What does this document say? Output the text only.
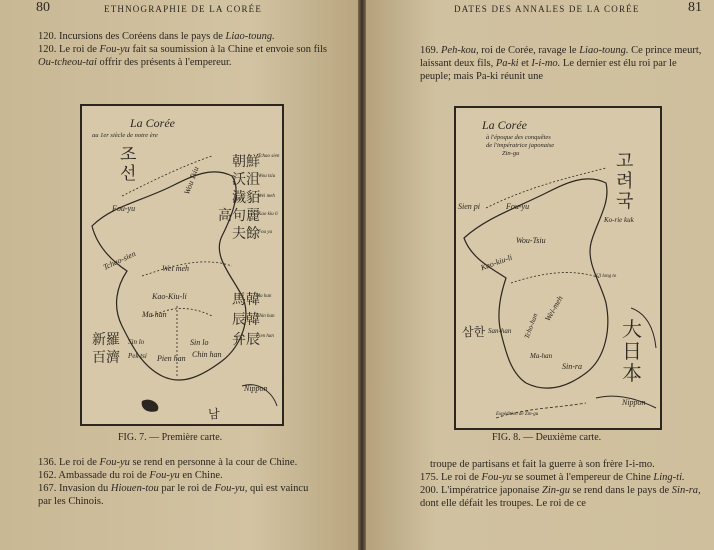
80	ETHNOGRAPHIE DE LA CORÉE

120. Incursions des Coréens dans le pays de Liao-toung.

120. Le roi de Fou-yu fait sa soumission à la Chine et envoie son fils Ou-tcheou-tai offrir des présents à l'empereur.

La Corée
au 1er siècle de notre ère
조선
Fou-yu
Wou Tsiu
Tchao-sien	Wei meh
Kao-Kiu-li
Ma han
Pien han
Sin lo
Chin han
Pek tsi
Sin lo
Nippon
朝鮮
沃沮
濊貊
高句麗
夫餘
馬韓
辰韓
弁辰
新羅
百濟
남
Tchao sien
Wou tsiu
Wei meh
Kao kiu li
Fou yu
Ma han
Chin han
Pien han
FIG. 7. — Première carte.

136. Le roi de Fou-yu se rend en personne à la cour de Chine.

162. Ambassade du roi de Fou-yu en Chine.

167. Invasion du Hiouen-tou par le roi de Fou-yu, qui est vaincu par les Chinois.

DATES DES ANNALES DE LA CORÉE	81

169. Peh-kou, roi de Corée, ravage le Liao-toung. Ce prince meurt, laissant deux fils, Pa-ki et I-i-mo. Le dernier est élu roi par le peuple; mais Pa-ki réunit une

La Corée
à l'époque des conquêtes
de l'impératrice japonaise
Zin-gu	고려국
Sien pi	Fou-yu
Wou-Tsiu
Kao-kiu-li
Ko-rie kuk
Wei-meh
삼한 San-han Tcho-han
Ma-han
Sin-ra
大日本
Nippon
Ul long to
Expédition de Zin-gu
FIG. 8. — Deuxième carte.

troupe de partisans et fait la guerre à son frère I-i-mo.

175. Le roi de Fou-yu se soumet à l'empereur de Chine Ling-ti.

200. L'impératrice japonaise Zin-gu se rend dans le pays de Sin-ra, dont elle défait les troupes. Le roi de ce
